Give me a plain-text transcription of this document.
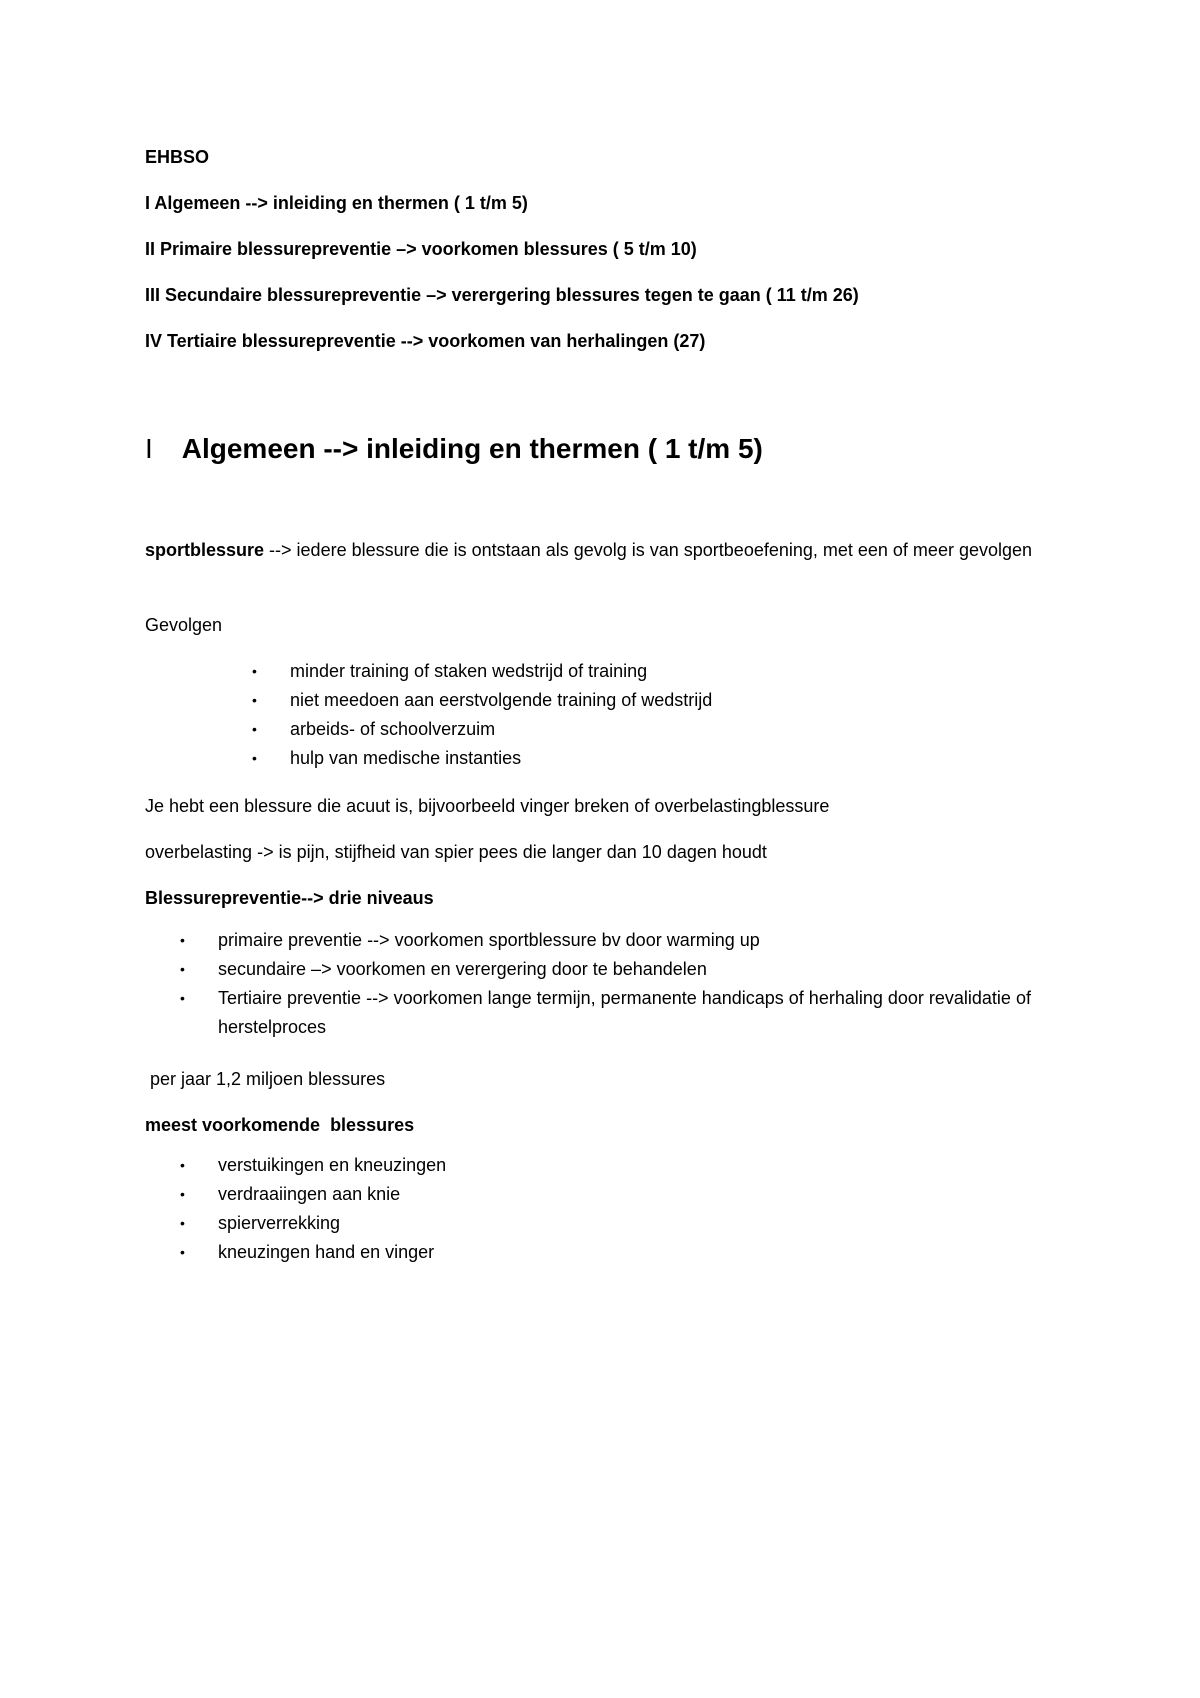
EHBSO

I Algemeen --> inleiding en thermen ( 1 t/m 5)

II Primaire blessurepreventie –> voorkomen blessures ( 5 t/m 10)

III Secundaire blessurepreventie –> verergering blessures tegen te gaan ( 11 t/m 26)

IV Tertiaire blessurepreventie --> voorkomen van herhalingen (27)

I Algemeen --> inleiding en thermen ( 1 t/m 5)

sportblessure --> iedere blessure die is ontstaan als gevolg is van sportbeoefening, met een of meer gevolgen

Gevolgen

• minder training of staken wedstrijd of training
• niet meedoen aan eerstvolgende training of wedstrijd
• arbeids- of schoolverzuim
• hulp van medische instanties

Je hebt een blessure die acuut is, bijvoorbeeld vinger breken of overbelastingblessure

overbelasting -> is pijn, stijfheid van spier pees die langer dan 10 dagen houdt

Blessurepreventie--> drie niveaus

• primaire preventie --> voorkomen sportblessure bv door warming up
• secundaire –> voorkomen en verergering door te behandelen
• Tertiaire preventie --> voorkomen lange termijn, permanente handicaps of herhaling door revalidatie of herstelproces

per jaar 1,2 miljoen blessures

meest voorkomende  blessures

• verstuikingen en kneuzingen
• verdraaiingen aan knie
• spierverrekking
• kneuzingen hand en vinger
